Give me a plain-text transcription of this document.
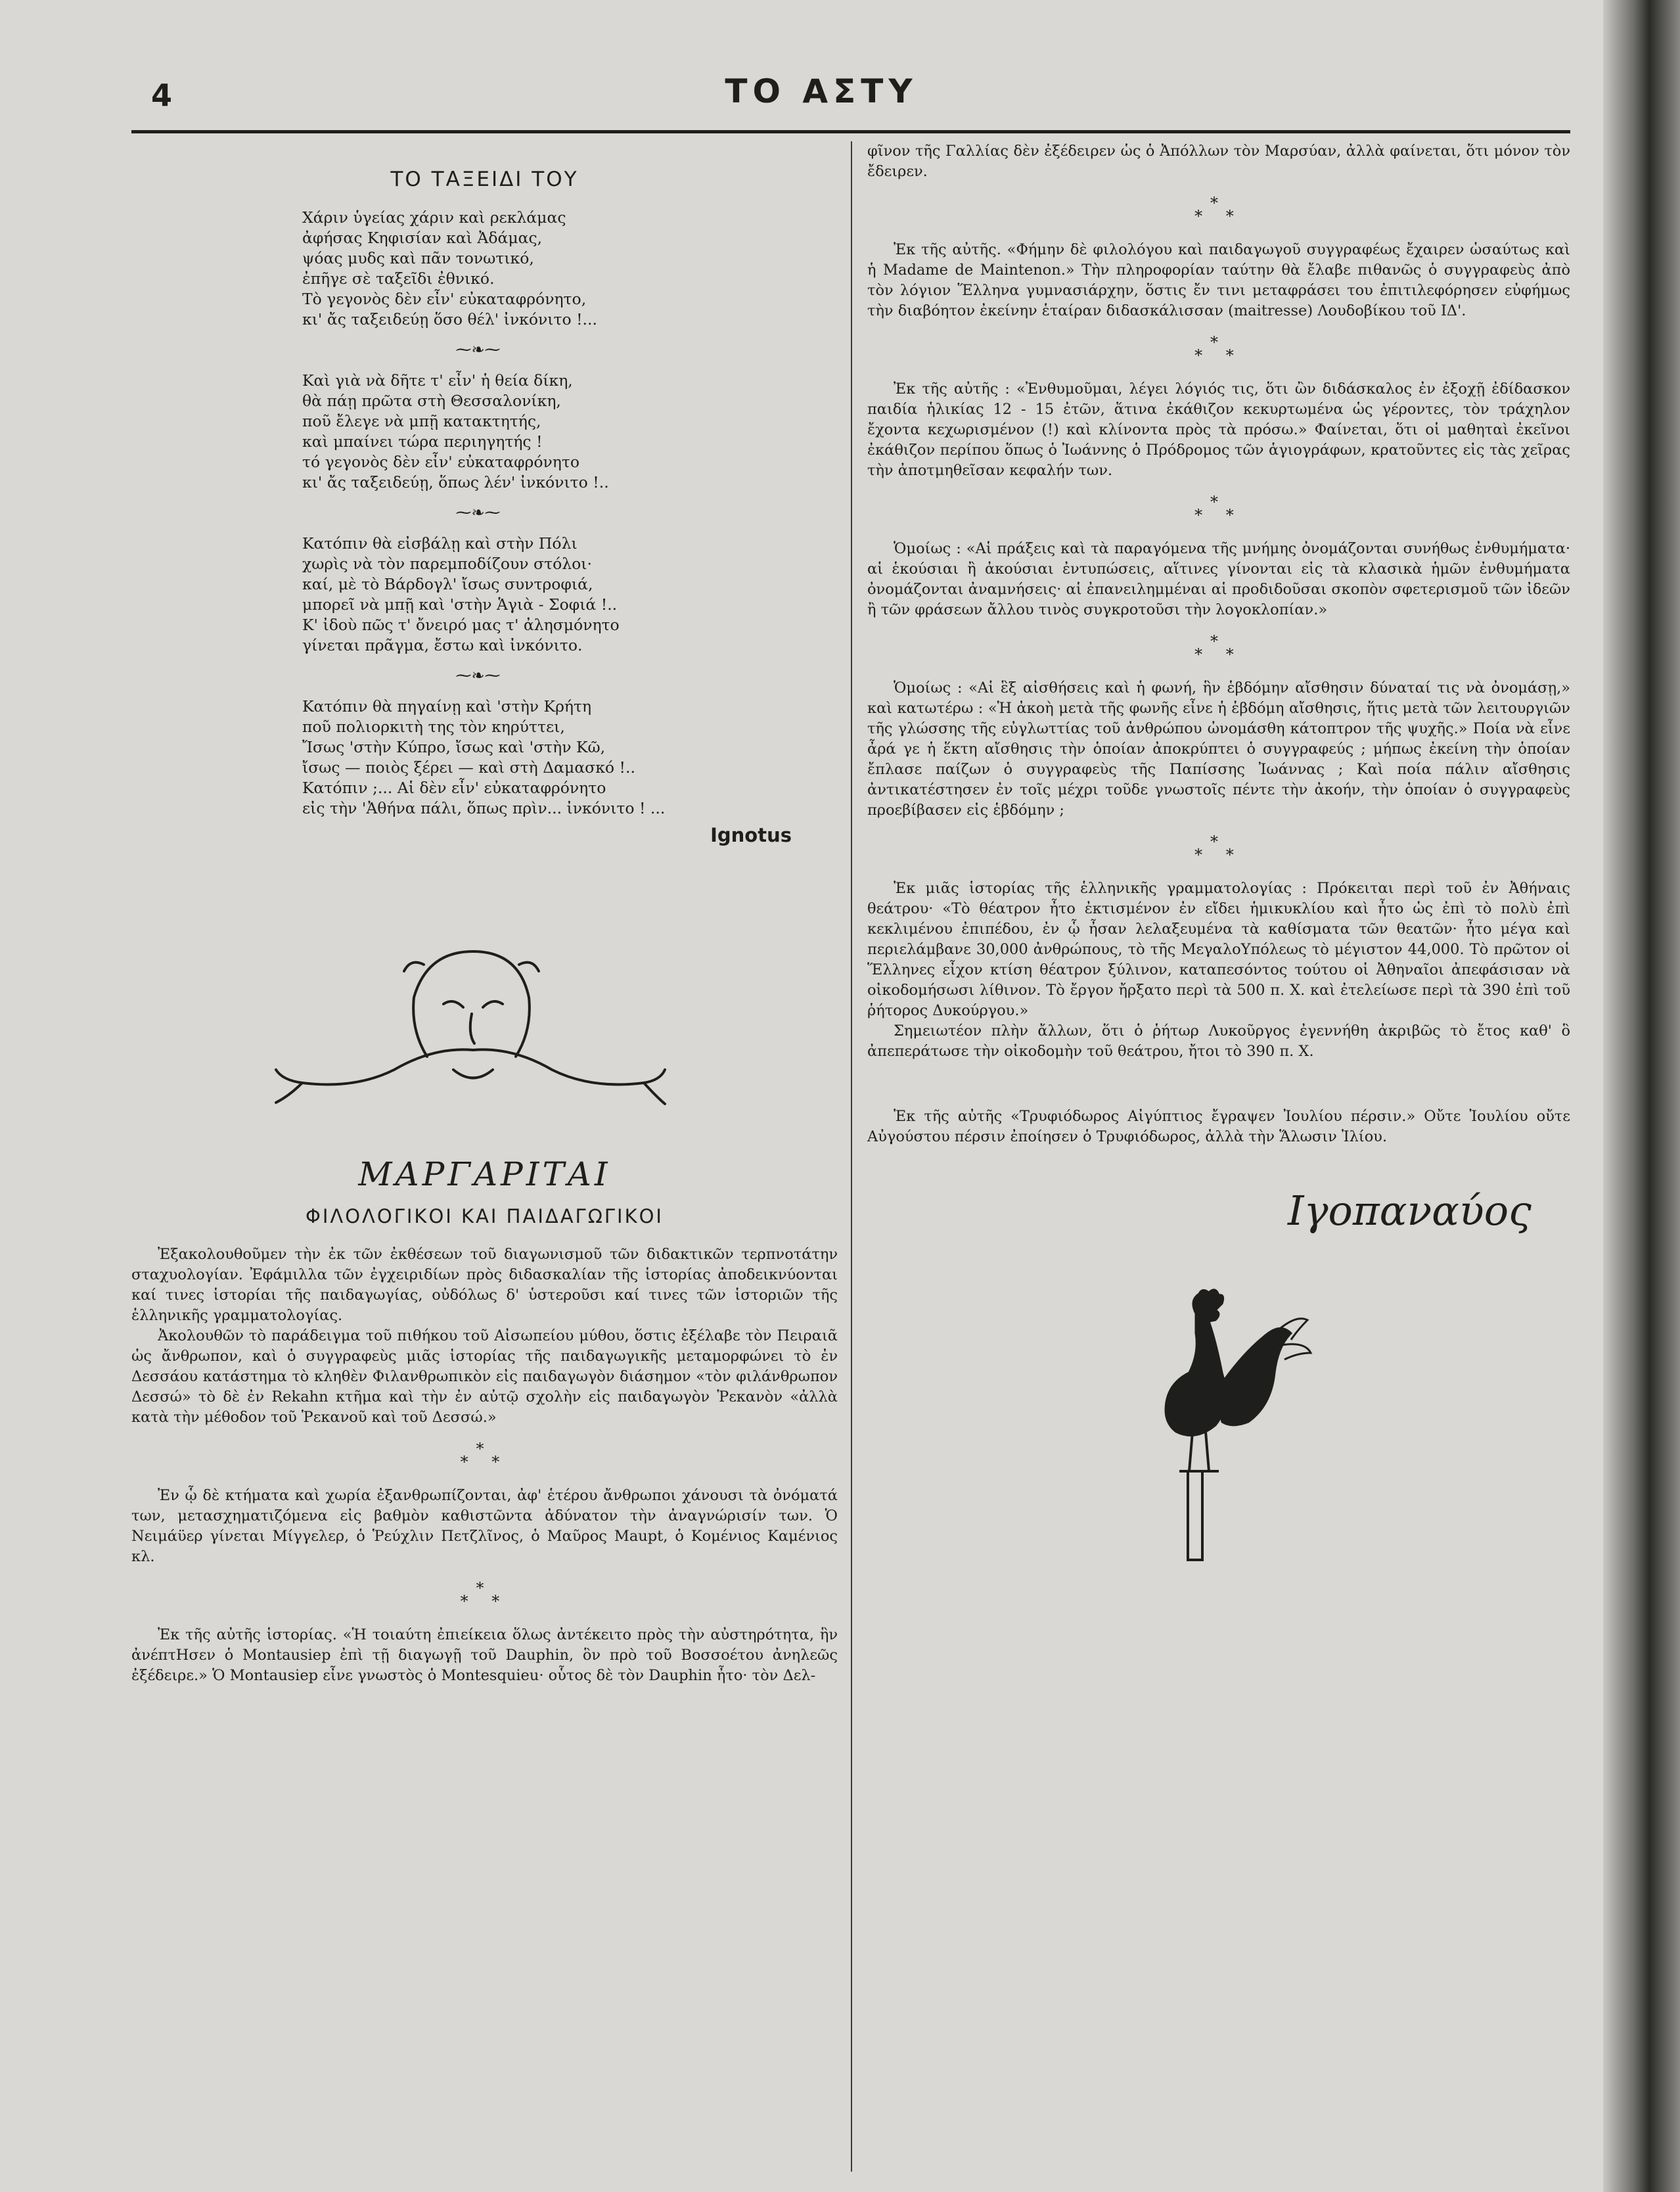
4	ΤΟ ΑΣΤΥ
ΤΟ ΤΑΞΕΙΔΙ ΤΟΥ
Χάριν ὑγείας χάριν καὶ ρεκλάμας
ἀφήσας Κηφισίαν καὶ Ἀδάμας,
ψόας μυδς καὶ πᾶν τονωτικό,
ἐπῆγε σὲ ταξεῖδι ἐθνικό.
Τὸ γεγονὸς δὲν εἶν' εὐκαταφρόνητο,
κι' ἄς ταξειδεύῃ ὅσο θέλ' ἰνκόνιτο !...
⁓❧⁓
Καὶ γιὰ νὰ δῆτε τ' εἶν' ἡ θεία δίκη,
θὰ πάῃ πρῶτα στὴ Θεσσαλονίκη,
ποῦ ἔλεγε νὰ μπῇ κατακτητής,
καὶ μπαίνει τώρα περιηγητής !
τό γεγονὸς δὲν εἶν' εὐκαταφρόνητο
κι' ἄς ταξειδεύῃ, ὅπως λέν' ἰνκόνιτο !..
⁓❧⁓
Κατόπιν θὰ εἰσβάλῃ καὶ στὴν Πόλι
χωρὶς νὰ τὸν παρεμποδίζουν στόλοι·
καί, μὲ τὸ Βάρδογλ' ἴσως συντροφιά,
μπορεῖ νὰ μπῇ καὶ 'στὴν Ἁγιὰ - Σοφιά !..
Κ' ἰδοὺ πῶς τ' ὄνειρό μας τ' ἀλησμόνητο
γίνεται πρᾶγμα, ἔστω καὶ ἰνκόνιτο.
⁓❧⁓
Κατόπιν θὰ πηγαίνῃ καὶ 'στὴν Κρήτη
ποῦ πολιορκιτὴ της τὸν κηρύττει,
Ἴσως 'στὴν Κύπρο, ἴσως καὶ 'στὴν Κῶ,
ἴσως — ποιὸς ξέρει — καὶ στὴ Δαμασκό !..
Κατόπιν ;... Αἱ δὲν εἶν' εὐκαταφρόνητο
εἰς τὴν 'Ἀθήνα πάλι, ὅπως πρὶν... ἰνκόνιτο ! ...
Ignotus
ΜΑΡΓΑΡΙΤΑΙ
ΦΙΛΟΛΟΓΙΚΟΙ ΚΑΙ ΠΑΙΔΑΓΩΓΙΚΟΙ

Ἐξακολουθοῦμεν τὴν ἐκ τῶν ἐκθέσεων τοῦ διαγωνισμοῦ τῶν διδακτικῶν τερπνοτάτην σταχυολογίαν. Ἐφάμιλλα τῶν ἐγχειριδίων πρὸς διδασκαλίαν τῆς ἱστορίας ἀποδεικνύονται καί τινες ἱστορίαι τῆς παιδαγωγίας, οὐδόλως δ' ὑστεροῦσι καί τινες τῶν ἱστοριῶν τῆς ἑλληνικῆς γραμματολογίας.

Ἀκολουθῶν τὸ παράδειγμα τοῦ πιθήκου τοῦ Αἰσωπείου μύθου, ὅστις ἐξέλαβε τὸν Πειραιᾶ ὡς ἄνθρωπον, καὶ ὁ συγγραφεὺς μιᾶς ἱστορίας τῆς παιδαγωγικῆς μεταμορφώνει τὸ ἐν Δεσσάου κατάστημα τὸ κληθὲν Φιλανθρωπικὸν εἰς παιδαγωγὸν διάσημον «τὸν φιλάνθρωπον Δεσσώ» τὸ δὲ ἐν Rekahn κτῆμα καὶ τὴν ἐν αὐτῷ σχολὴν εἰς παιδαγωγὸν Ῥεκανὸν «ἀλλὰ κατὰ τὴν μέθοδον τοῦ Ῥεκανοῦ καὶ τοῦ Δεσσώ.»

*
* *

Ἐν ᾧ δὲ κτήματα καὶ χωρία ἐξανθρωπίζονται, ἀφ' ἑτέρου ἄνθρωποι χάνουσι τὰ ὀνόματά των, μετασχηματιζόμενα εἰς βαθμὸν καθιστῶντα ἀδύνατον τὴν ἀναγνώρισίν των. Ὁ Νειμάϋερ γίνεται Μίγγελερ, ὁ Ῥεύχλιν Πετζλῖνος, ὁ Μαῦρος Maupt, ὁ Κομένιος Καμένιος κλ.

*
* *

Ἐκ τῆς αὐτῆς ἱστορίας. «Ἡ τοιαύτη ἐπιείκεια ὅλως ἀντέκειτο πρὸς τὴν αὐστηρότητα, ἣν ἀνέπτΗσεν ὁ Montausiep ἐπὶ τῇ διαγωγῇ τοῦ Dauphin, ὃν πρὸ τοῦ Βοσσοέτου ἀνηλεῶς ἐξέδειρε.» Ὁ Montausiep εἶνε γνωστὸς ὁ Montesquieu· οὗτος δὲ τὸν Dauphin ἦτο· τὸν Δελ-

φῖνον τῆς Γαλλίας δὲν ἐξέδειρεν ὡς ὁ Ἀπόλλων τὸν Μαρσύαν, ἀλλὰ φαίνεται, ὅτι μόνον τὸν ἔδειρεν.

*
* *

Ἐκ τῆς αὐτῆς. «Φήμην δὲ φιλολόγου καὶ παιδαγωγοῦ συγγραφέως ἔχαιρεν ὡσαύτως καὶ ἡ Madame de Maintenon.» Τὴν πληροφορίαν ταύτην θὰ ἔλαβε πιθανῶς ὁ συγγραφεὺς ἀπὸ τὸν λόγιον Ἕλληνα γυμνασιάρχην, ὅστις ἔν τινι μεταφράσει του ἐπιτιλεφόρησεν εὐφήμως τὴν διαβόητον ἐκείνην ἑταίραν διδασκάλισσαν (maitresse) Λουδοβίκου τοῦ ΙΔ'.

*
* *

Ἐκ τῆς αὐτῆς : «Ἐνθυμοῦμαι, λέγει λόγιός τις, ὅτι ὢν διδάσκαλος ἐν ἐξοχῇ ἐδίδασκον παιδία ἡλικίας 12 - 15 ἐτῶν, ἅτινα ἐκάθιζον κεκυρτωμένα ὡς γέροντες, τὸν τράχηλον ἔχοντα κεχωρισμένον (!) καὶ κλίνοντα πρὸς τὰ πρόσω.» Φαίνεται, ὅτι οἱ μαθηταὶ ἐκεῖνοι ἐκάθιζον περίπου ὅπως ὁ Ἰωάννης ὁ Πρόδρομος τῶν ἁγιογράφων, κρατοῦντες εἰς τὰς χεῖρας τὴν ἀποτμηθεῖσαν κεφαλήν των.

*
* *

Ὁμοίως : «Αἱ πράξεις καὶ τὰ παραγόμενα τῆς μνήμης ὀνομάζονται συνήθως ἐνθυμήματα· αἱ ἑκούσιαι ἢ ἀκούσιαι ἐντυπώσεις, αἵτινες γίνονται εἰς τὰ κλασικὰ ἡμῶν ἐνθυμήματα ὀνομάζονται ἀναμνήσεις· αἱ ἐπανειλημμέναι αἱ προδιδοῦσαι σκοπὸν σφετερισμοῦ τῶν ἰδεῶν ἢ τῶν φράσεων ἄλλου τινὸς συγκροτοῦσι τὴν λογοκλοπίαν.»

*
* *

Ὁμοίως : «Αἱ ἓξ αἰσθήσεις καὶ ἡ φωνή, ἣν ἑβδόμην αἴσθησιν δύναταί τις νὰ ὀνομάσῃ,» καὶ κατωτέρω : «Ἡ ἀκοὴ μετὰ τῆς φωνῆς εἶνε ἡ ἑβδόμη αἴσθησις, ἥτις μετὰ τῶν λειτουργιῶν τῆς γλώσσης τῆς εὐγλωττίας τοῦ ἀνθρώπου ὠνομάσθη κάτοπτρον τῆς ψυχῆς.» Ποία νὰ εἶνε ἆρά γε ἡ ἕκτη αἴσθησις τὴν ὁποίαν ἀποκρύπτει ὁ συγγραφεύς ; μήπως ἐκείνη τὴν ὁποίαν ἔπλασε παίζων ὁ συγγραφεὺς τῆς Παπίσσης Ἰωάννας ; Καὶ ποία πάλιν αἴσθησις ἀντικατέστησεν ἐν τοῖς μέχρι τοῦδε γνωστοῖς πέντε τὴν ἀκοήν, τὴν ὁποίαν ὁ συγγραφεὺς προεβίβασεν εἰς ἑβδόμην ;

*
* *

Ἐκ μιᾶς ἱστορίας τῆς ἑλληνικῆς γραμματολογίας : Πρόκειται περὶ τοῦ ἐν Ἀθήναις θεάτρου· «Τὸ θέατρον ἦτο ἐκτισμένον ἐν εἴδει ἡμικυκλίου καὶ ἦτο ὡς ἐπὶ τὸ πολὺ ἐπὶ κεκλιμένου ἐπιπέδου, ἐν ᾧ ἦσαν λελαξευμένα τὰ καθίσματα τῶν θεατῶν· ἦτο μέγα καὶ περιελάμβανε 30,000 ἀνθρώπους, τὸ τῆς ΜεγαλοΥπόλεως τὸ μέγιστον 44,000. Τὸ πρῶτον οἱ Ἕλληνες εἶχον κτίση θέατρον ξύλινον, καταπεσόντος τούτου οἱ Ἀθηναῖοι ἀπεφάσισαν νὰ οἰκοδομήσωσι λίθινον. Τὸ ἔργον ἤρξατο περὶ τὰ 500 π. Χ. καὶ ἐτελείωσε περὶ τὰ 390 ἐπὶ τοῦ ῥήτορος Δυκούργου.»

Σημειωτέον πλὴν ἄλλων, ὅτι ὁ ῥήτωρ Λυκοῦργος ἐγεννήθη ἀκριβῶς τὸ ἔτος καθ' ὃ ἀπεπεράτωσε τὴν οἰκοδομὴν τοῦ θεάτρου, ἤτοι τὸ 390 π. Χ.

Ἐκ τῆς αὐτῆς «Τρυφιόδωρος Αἰγύπτιος ἔγραψεν Ἰουλίου πέρσιν.» Οὔτε Ἰουλίου οὔτε Αὐγούστου πέρσιν ἐποίησεν ὁ Τρυφιόδωρος, ἀλλὰ τὴν Ἅλωσιν Ἰλίου.

Ιγοπαναύος
